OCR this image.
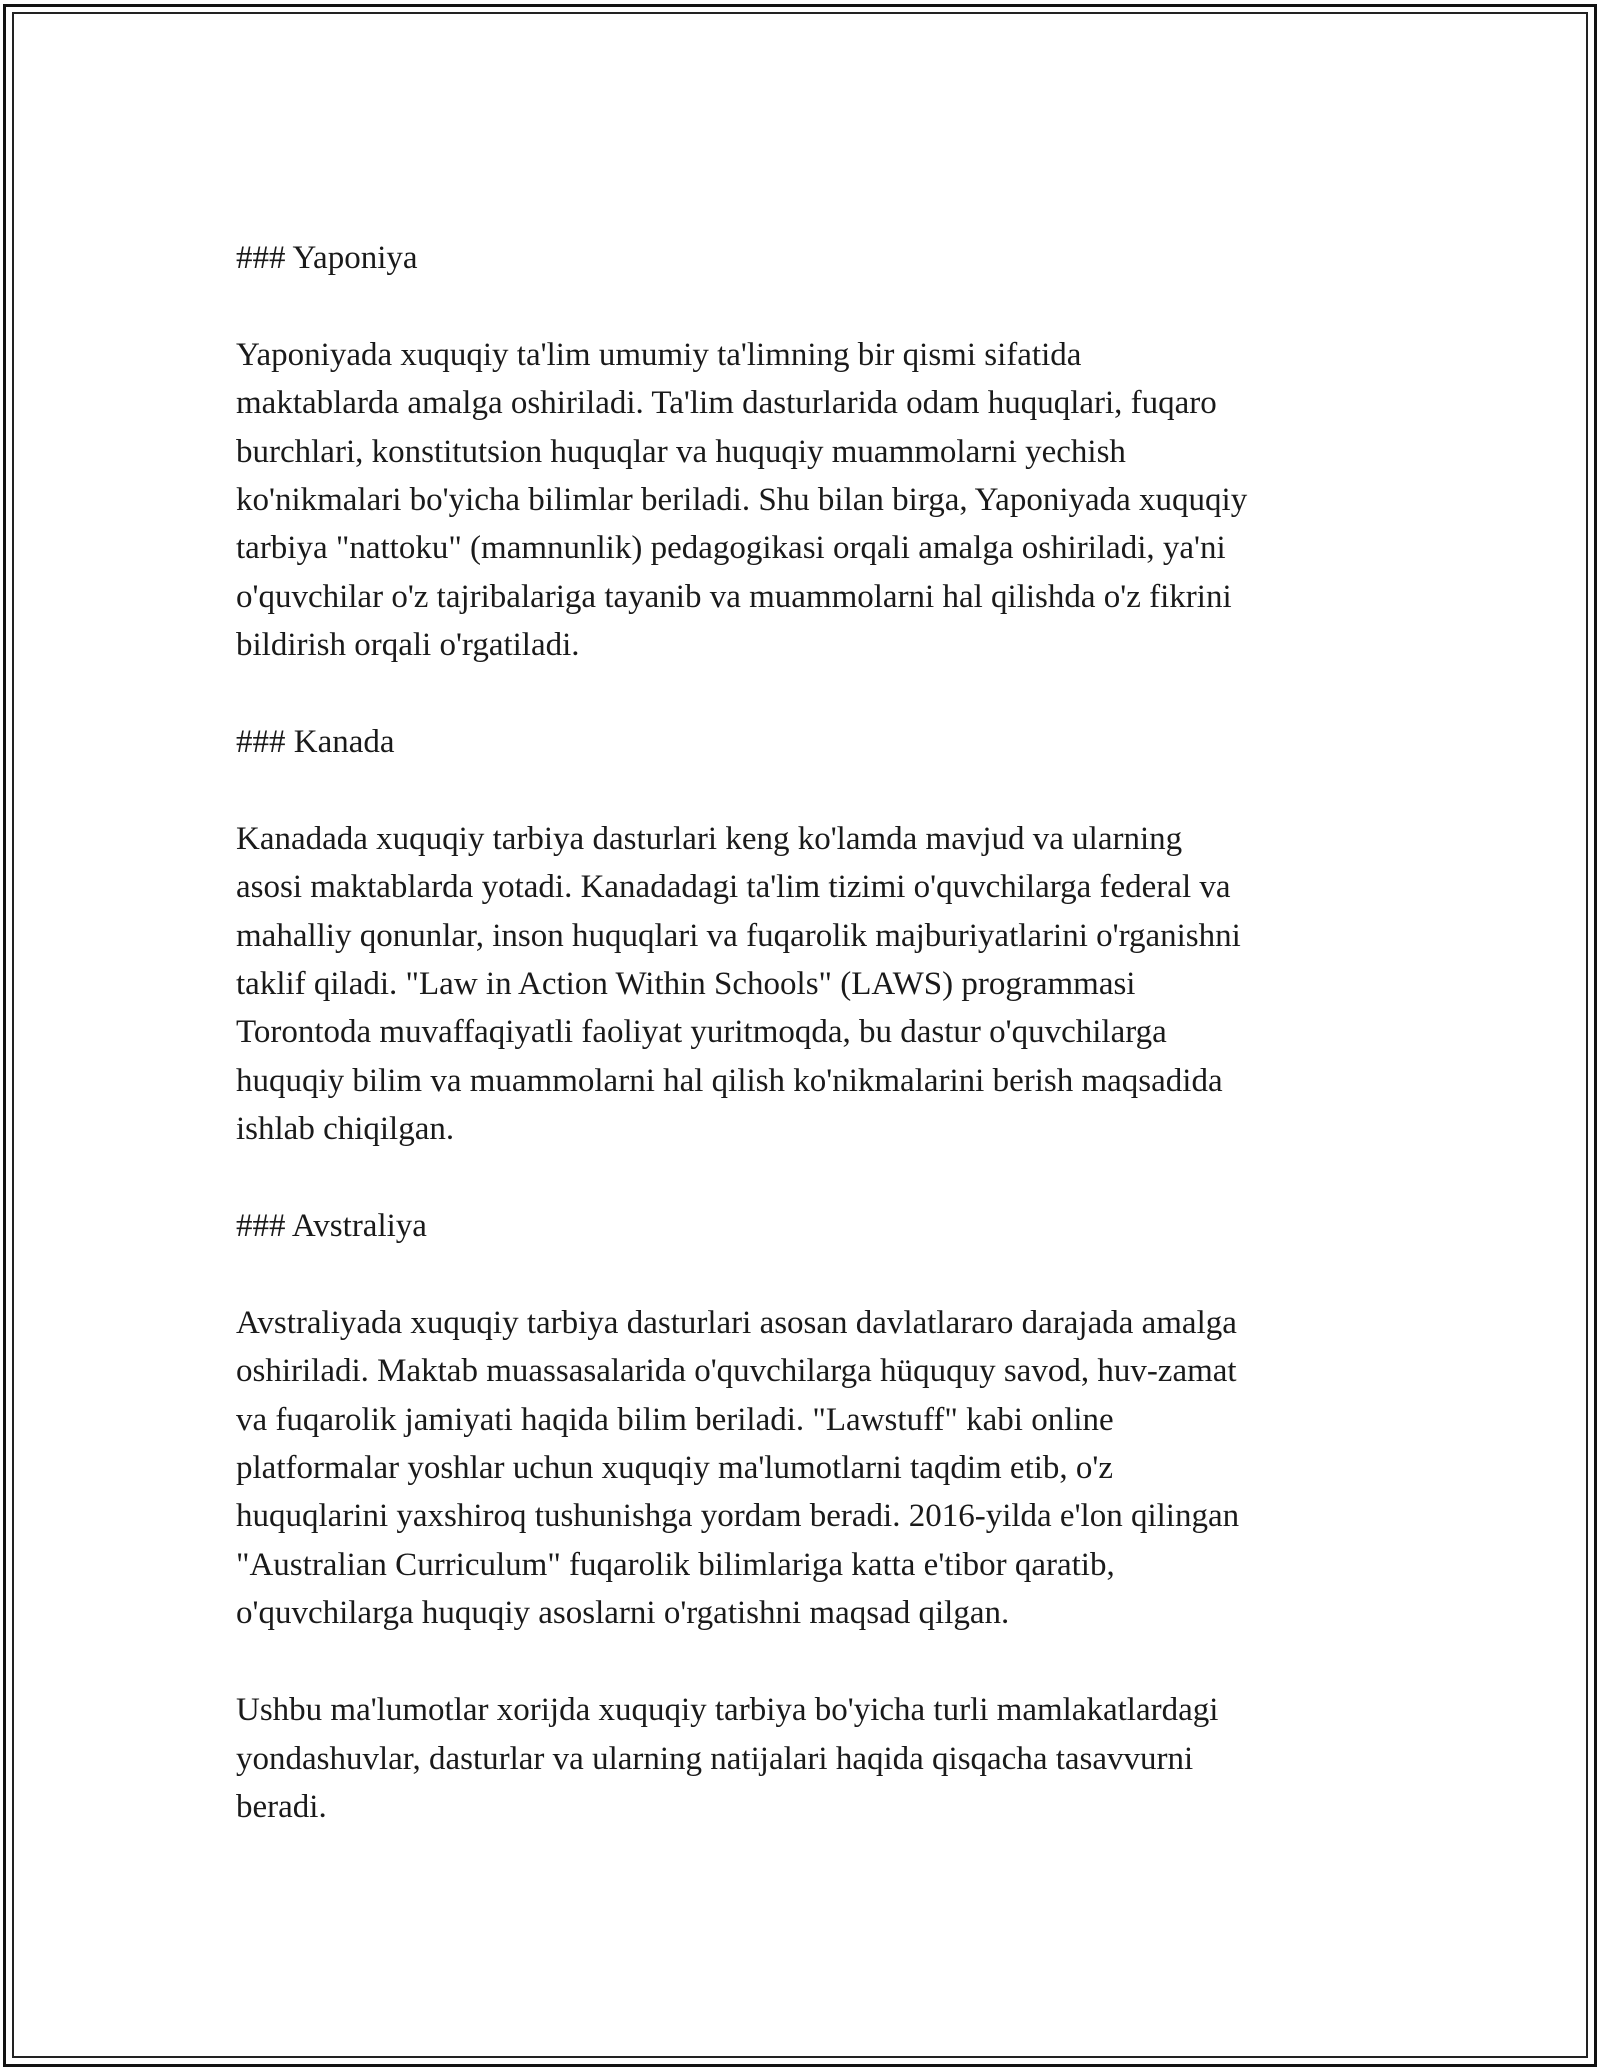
### Yaponiya

Yaponiyada xuquqiy ta'lim umumiy ta'limning bir qismi sifatida
maktablarda amalga oshiriladi. Ta'lim dasturlarida odam huquqlari, fuqaro
burchlari, konstitutsion huquqlar va huquqiy muammolarni yechish
ko'nikmalari bo'yicha bilimlar beriladi. Shu bilan birga, Yaponiyada xuquqiy
tarbiya "nattoku" (mamnunlik) pedagogikasi orqali amalga oshiriladi, ya'ni
o'quvchilar o'z tajribalariga tayanib va muammolarni hal qilishda o'z fikrini
bildirish orqali o'rgatiladi.

### Kanada

Kanadada xuquqiy tarbiya dasturlari keng ko'lamda mavjud va ularning
asosi maktablarda yotadi. Kanadadagi ta'lim tizimi o'quvchilarga federal va
mahalliy qonunlar, inson huquqlari va fuqarolik majburiyatlarini o'rganishni
taklif qiladi. "Law in Action Within Schools" (LAWS) programmasi
Torontoda muvaffaqiyatli faoliyat yuritmoqda, bu dastur o'quvchilarga
huquqiy bilim va muammolarni hal qilish ko'nikmalarini berish maqsadida
ishlab chiqilgan.

### Avstraliya

Avstraliyada xuquqiy tarbiya dasturlari asosan davlatlararo darajada amalga
oshiriladi. Maktab muassasalarida o'quvchilarga hüququy savod, huv-zamat
va fuqarolik jamiyati haqida bilim beriladi. "Lawstuff" kabi online
platformalar yoshlar uchun xuquqiy ma'lumotlarni taqdim etib, o'z
huquqlarini yaxshiroq tushunishga yordam beradi. 2016-yilda e'lon qilingan
"Australian Curriculum" fuqarolik bilimlariga katta e'tibor qaratib,
o'quvchilarga huquqiy asoslarni o'rgatishni maqsad qilgan.

Ushbu ma'lumotlar xorijda xuquqiy tarbiya bo'yicha turli mamlakatlardagi
yondashuvlar, dasturlar va ularning natijalari haqida qisqacha tasavvurni
beradi.
